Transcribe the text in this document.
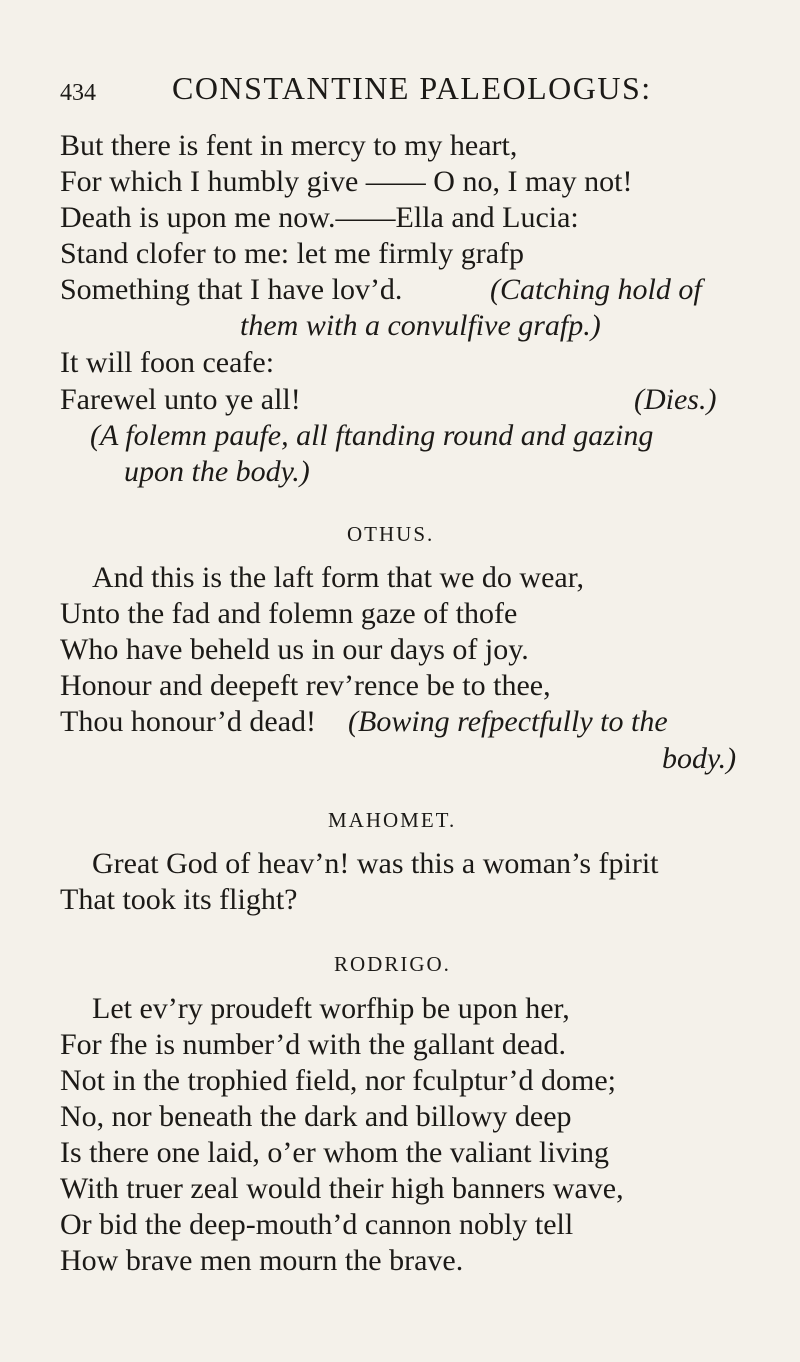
434 CONSTANTINE PALEOLOGUS:
But there is fent in mercy to my heart,
For which I humbly give —— O no, I may not!
Death is upon me now.——Ella and Lucia:
Stand clofer to me: let me firmly grafp
Something that I have lov’d.	(Catching hold of
them with a convulfive grafp.)
It will foon ceafe:
Farewel unto ye all!	(Dies.)
(A folemn paufe, all ftanding round and gazing
upon the body.)
OTHUS.
And this is the laft form that we do wear,
Unto the fad and folemn gaze of thofe
Who have beheld us in our days of joy.
Honour and deepeft rev’rence be to thee,
Thou honour’d dead! (Bowing refpectfully to the
body.)
MAHOMET.
Great God of heav’n! was this a woman’s fpirit
That took its flight?
RODRIGO.
Let ev’ry proudeft worfhip be upon her,
For fhe is number’d with the gallant dead.
Not in the trophied field, nor fculptur’d dome;
No, nor beneath the dark and billowy deep
Is there one laid, o’er whom the valiant living
With truer zeal would their high banners wave,
Or bid the deep-mouth’d cannon nobly tell
How brave men mourn the brave.
